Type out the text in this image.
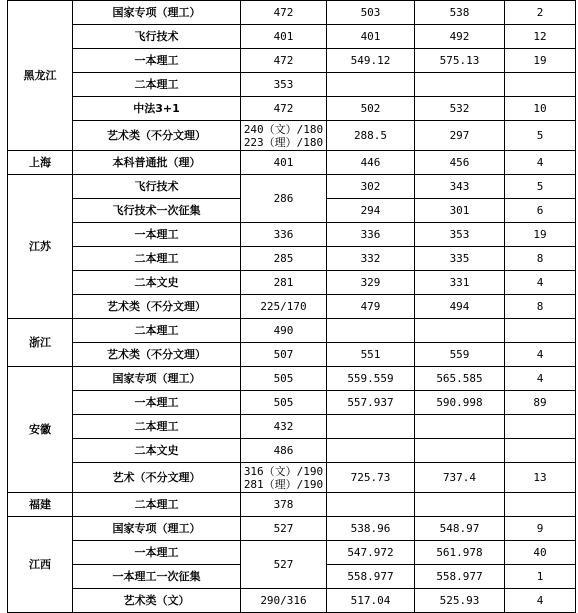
黑龙江	国家专项（理工）	472	503	538	2
	飞行技术	401	401	492	12
	一本理工	472	549.12	575.13	19
	二本理工	353			
	中法3+1	472	502	532	10
	艺术类（不分文理）	240（文）/180
223（理）/180	288.5	297	5
上海	本科普通批（理）	401	446	456	4
江苏	飞行技术	286	302	343	5
	飞行技术一次征集		294	301	6
	一本理工	336	336	353	19
	二本理工	285	332	335	8
	二本文史	281	329	331	4
	艺术类（不分文理）	225/170	479	494	8
浙江	二本理工	490			
	艺术类（不分文理）	507	551	559	4
安徽	国家专项（理工）	505	559.559	565.585	4
	一本理工	505	557.937	590.998	89
	二本理工	432			
	二本文史	486			
	艺术（不分文理）	316（文）/190
281（理）/190	725.73	737.4	13
福建	二本理工	378			
江西	国家专项（理工）	527	538.96	548.97	9
	一本理工	527	547.972	561.978	40
	一本理工一次征集		558.977	558.977	1
	艺术类（文）	290/316	517.04	525.93	4
